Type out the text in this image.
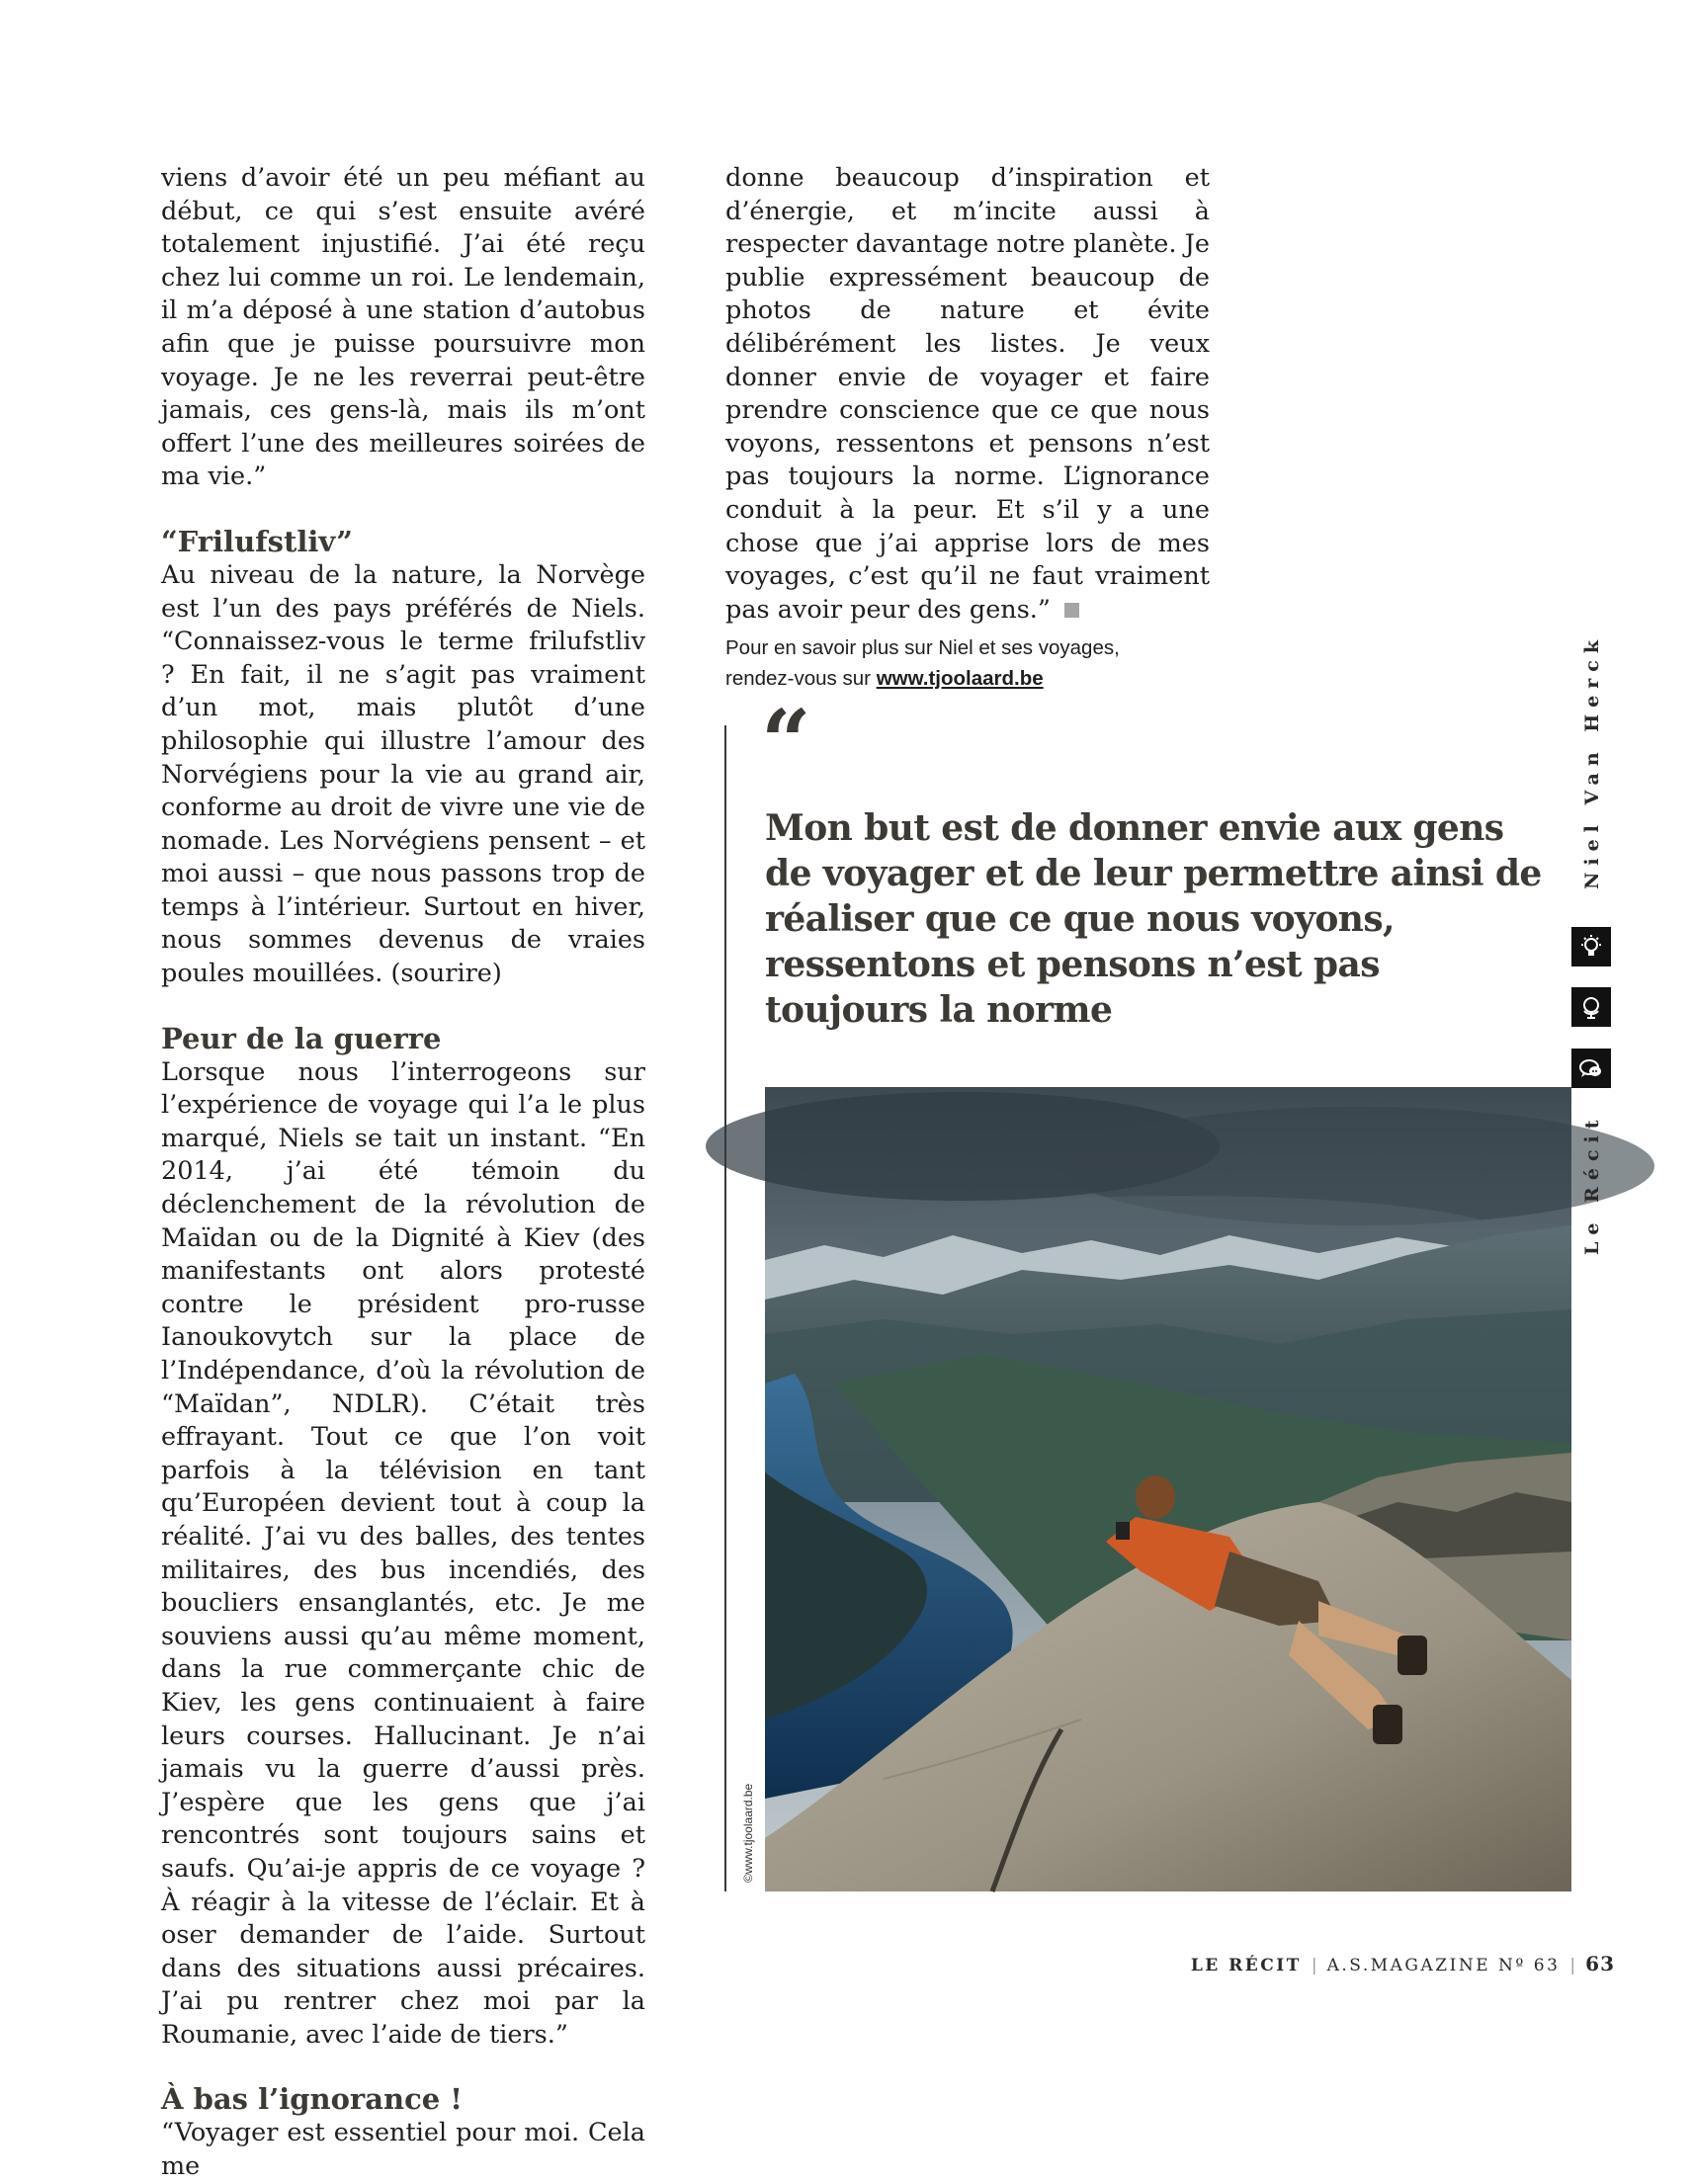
viens d’avoir été un peu méfiant au début, ce qui s’est ensuite avéré totalement injustifié. J’ai été reçu chez lui comme un roi. Le lendemain, il m’a déposé à une station d’autobus afin que je puisse poursuivre mon voyage. Je ne les reverrai peut-être jamais, ces gens-là, mais ils m’ont offert l’une des meilleures soirées de ma vie.”

“Frilufstliv”

Au niveau de la nature, la Norvège est l’un des pays préférés de Niels. “Connaissez-vous le terme frilufstliv ? En fait, il ne s’agit pas vraiment d’un mot, mais plutôt d’une philosophie qui illustre l’amour des Norvégiens pour la vie au grand air, conforme au droit de vivre une vie de nomade. Les Norvégiens pensent – et moi aussi – que nous passons trop de temps à l’intérieur. Surtout en hiver, nous sommes devenus de vraies poules mouillées. (sourire)

Peur de la guerre

Lorsque nous l’interrogeons sur l’expérience de voyage qui l’a le plus marqué, Niels se tait un instant. “En 2014, j’ai été témoin du déclenchement de la révolution de Maïdan ou de la Dignité à Kiev (des manifestants ont alors protesté contre le président pro-russe Ianoukovytch sur la place de l’Indépendance, d’où la révolution de “Maïdan”, NDLR). C’était très effrayant. Tout ce que l’on voit parfois à la télévision en tant qu’Européen devient tout à coup la réalité. J’ai vu des balles, des tentes militaires, des bus incendiés, des boucliers ensanglantés, etc. Je me souviens aussi qu’au même moment, dans la rue commerçante chic de Kiev, les gens continuaient à faire leurs courses. Hallucinant. Je n’ai jamais vu la guerre d’aussi près. J’espère que les gens que j’ai rencontrés sont toujours sains et saufs. Qu’ai-je appris de ce voyage ? À réagir à la vitesse de l’éclair. Et à oser demander de l’aide. Surtout dans des situations aussi précaires. J’ai pu rentrer chez moi par la Roumanie, avec l’aide de tiers.”

À bas l’ignorance !

“Voyager est essentiel pour moi. Cela me

donne beaucoup d’inspiration et d’énergie, et m’incite aussi à respecter davantage notre planète. Je publie expressément beaucoup de photos de nature et évite délibérément les listes. Je veux donner envie de voyager et faire prendre conscience que ce que nous voyons, ressentons et pensons n’est pas toujours la norme. L’ignorance conduit à la peur. Et s’il y a une chose que j’ai apprise lors de mes voyages, c’est qu’il ne faut vraiment pas avoir peur des gens.”

Pour en savoir plus sur Niel et ses voyages,
rendez-vous sur www.tjoolaard.be
“
Mon but est de donner envie aux gens de voyager et de leur permettre ainsi de réaliser que ce que nous voyons, ressentons et pensons n’est pas toujours la norme
©www.tjoolaard.be
Niel Van Herck
Le Récit
LE RÉCIT | A.S.MAGAZINE Nº 63 | 63
